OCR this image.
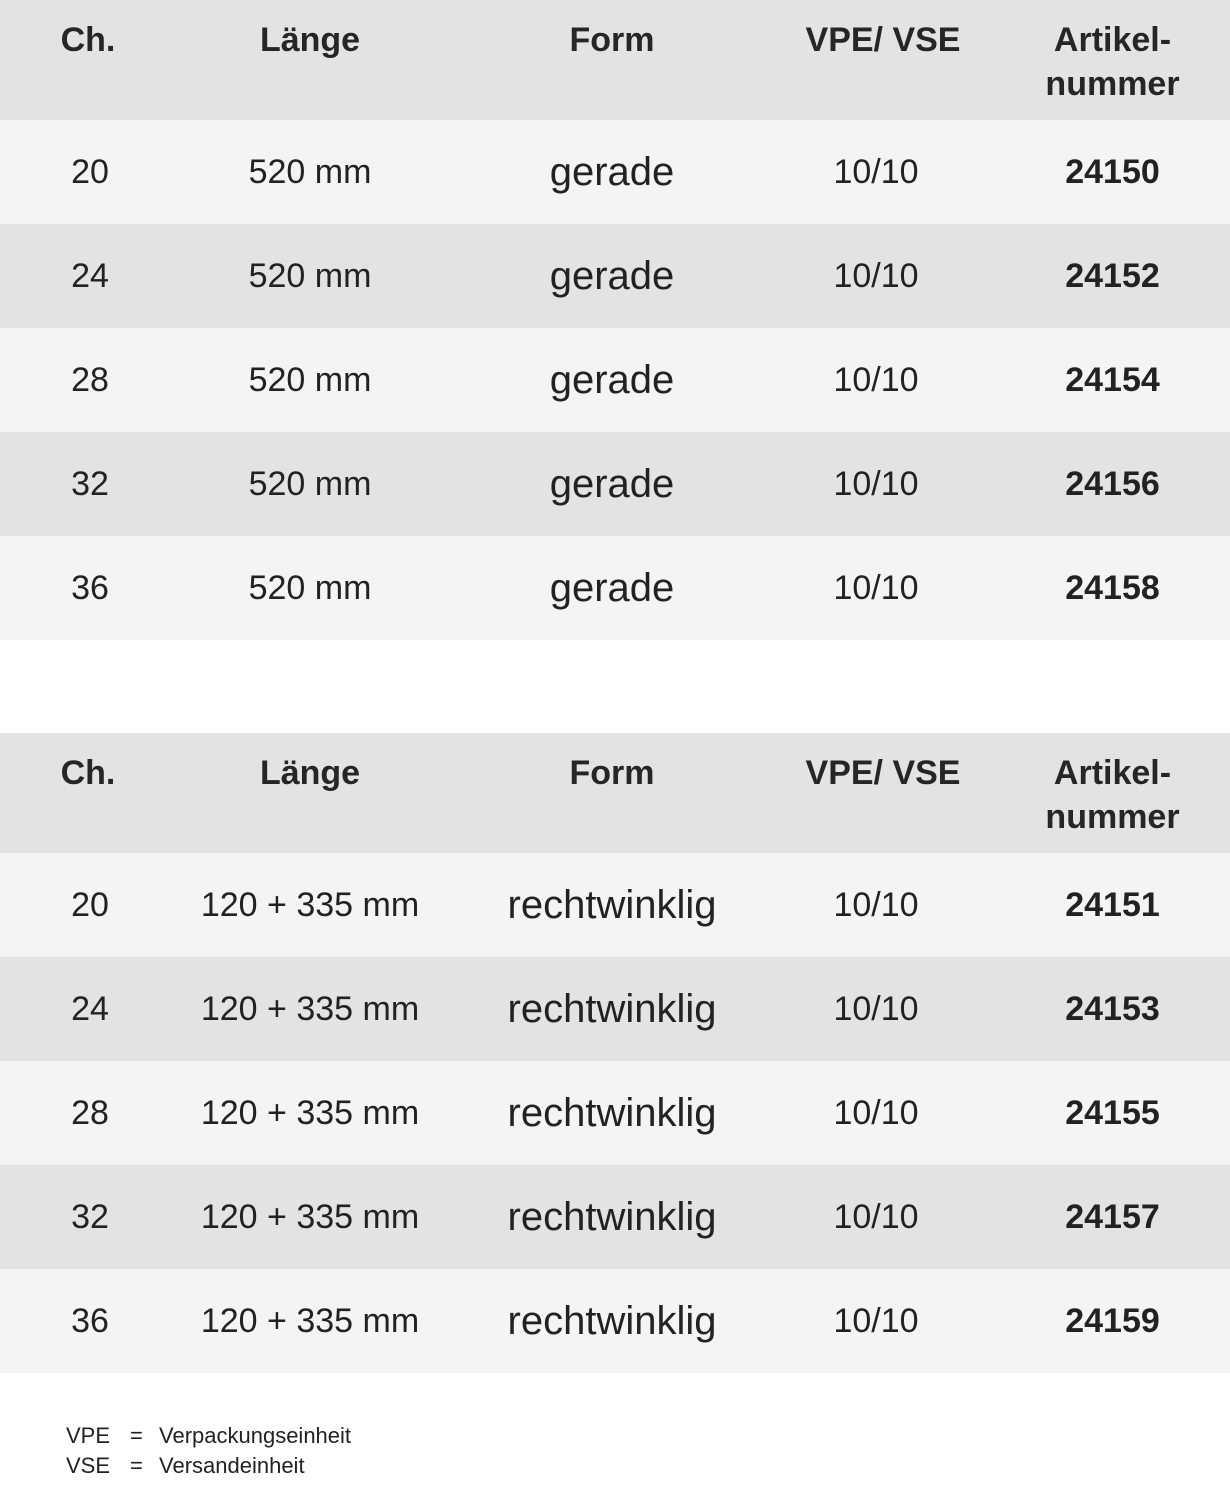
Ch.	Länge	Form	VPE/ VSE	Artikel-
nummer
20	520 mm	gerade	10/10	24150
24	520 mm	gerade	10/10	24152
28	520 mm	gerade	10/10	24154
32	520 mm	gerade	10/10	24156
36	520 mm	gerade	10/10	24158
Ch.	Länge	Form	VPE/ VSE	Artikel-
nummer
20	120 + 335 mm	rechtwinklig	10/10	24151
24	120 + 335 mm	rechtwinklig	10/10	24153
28	120 + 335 mm	rechtwinklig	10/10	24155
32	120 + 335 mm	rechtwinklig	10/10	24157
36	120 + 335 mm	rechtwinklig	10/10	24159
VPE = Verpackungseinheit
VSE = Versandeinheit
